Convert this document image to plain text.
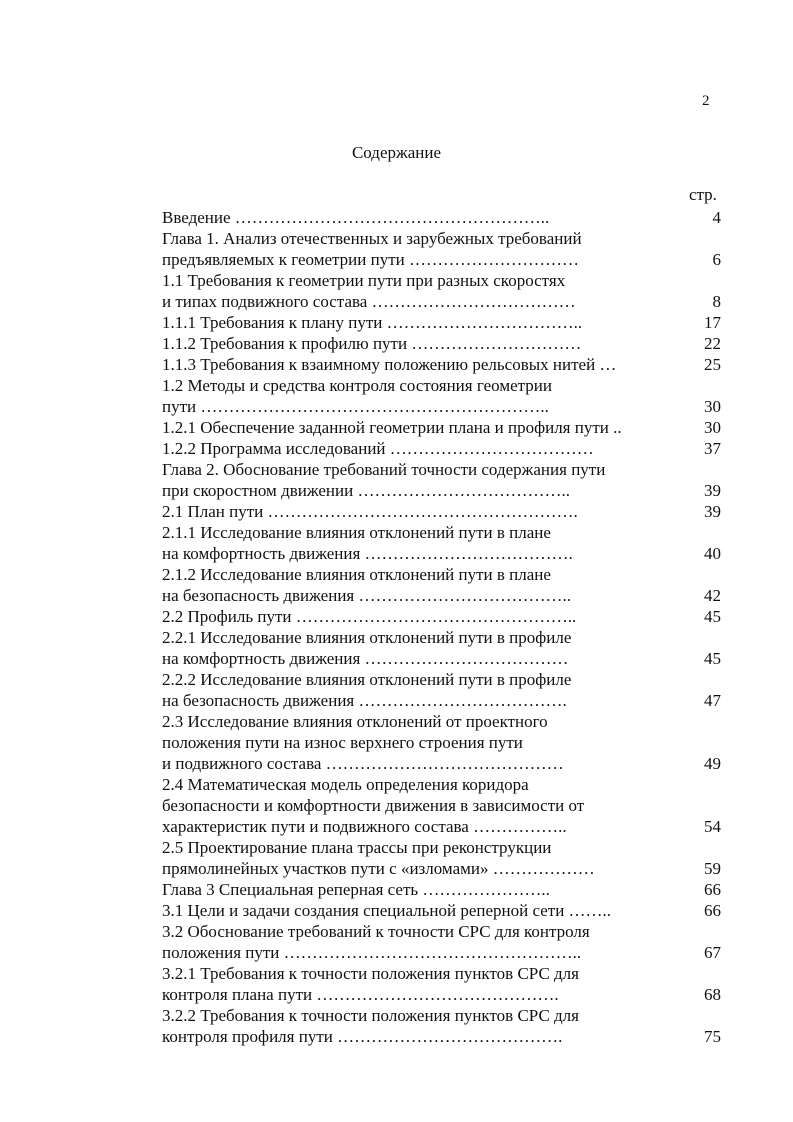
2
Содержание
стр.
Введение ………………………………………………..	4
Глава 1. Анализ отечественных и зарубежных требований
предъявляемых к геометрии пути …………………………	6
1.1 Требования к геометрии пути при разных скоростях
и типах подвижного состава ………………………………	8
1.1.1 Требования к плану пути ……………………………..	17
1.1.2 Требования к профилю пути …………………………	22
1.1.3 Требования к взаимному положению рельсовых нитей …	25
1.2 Методы и средства контроля состояния геометрии
пути ……………………………………………………..	30
1.2.1 Обеспечение заданной геометрии плана и профиля пути ..	30
1.2.2 Программа исследований ………………………………	37
Глава 2. Обоснование требований точности содержания пути
при скоростном движении ………………………………..	39
2.1 План пути ……………………………………………….	39
2.1.1 Исследование влияния отклонений пути в плане
на комфортность движения ……………………………….	40
2.1.2 Исследование влияния отклонений пути в плане
на безопасность движения ………………………………..	42
2.2 Профиль пути …………………………………………..	45
2.2.1 Исследование влияния отклонений пути в профиле
на комфортность движения ………………………………	45
2.2.2 Исследование влияния отклонений пути в профиле
на безопасность движения ……………………………….	47
2.3 Исследование влияния отклонений от проектного
положения пути на износ верхнего строения пути
и подвижного состава ……………………………………	49
2.4 Математическая модель определения коридора
безопасности и комфортности движения в зависимости от
характеристик пути и подвижного состава ……………..	54
2.5 Проектирование плана трассы при реконструкции
прямолинейных участков пути с «изломами» ………………	59
Глава 3 Специальная реперная сеть …………………..	66
3.1 Цели и задачи создания специальной реперной сети ……..	66
3.2 Обоснование требований к точности СРС для контроля
положения пути ……………………………………………..	67
3.2.1 Требования к точности положения пунктов СРС для
контроля плана пути …………………………………….	68
3.2.2 Требования к точности положения пунктов СРС для
контроля профиля пути ………………………………….	75
